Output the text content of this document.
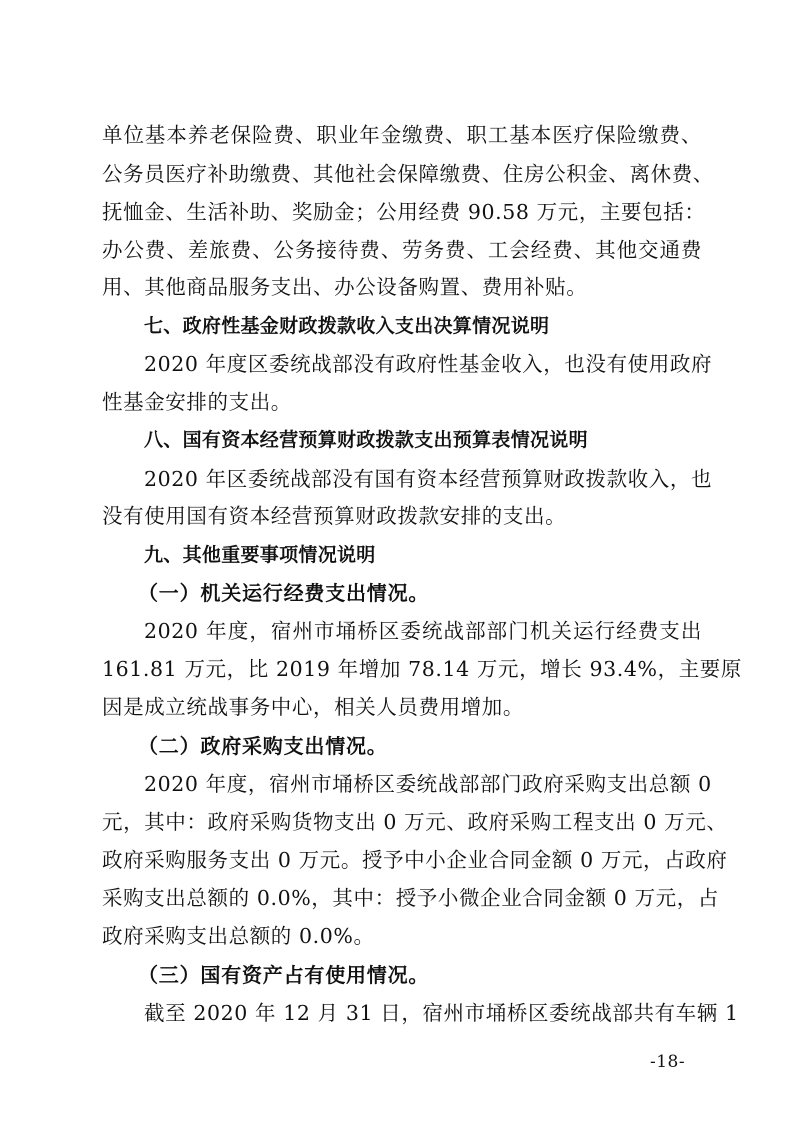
单位基本养老保险费、职业年金缴费、职工基本医疗保险缴费、
公务员医疗补助缴费、其他社会保障缴费、住房公积金、离休费、
抚恤金、生活补助、奖励金；公用经费 90.58 万元，主要包括：
办公费、差旅费、公务接待费、劳务费、工会经费、其他交通费
用、其他商品服务支出、办公设备购置、费用补贴。
七、政府性基金财政拨款收入支出决算情况说明
2020 年度区委统战部没有政府性基金收入，也没有使用政府
性基金安排的支出。
八、国有资本经营预算财政拨款支出预算表情况说明
2020 年区委统战部没有国有资本经营预算财政拨款收入，也
没有使用国有资本经营预算财政拨款安排的支出。
九、其他重要事项情况说明
（一）机关运行经费支出情况。
2020 年度，宿州市埇桥区委统战部部门机关运行经费支出
161.81 万元，比 2019 年增加 78.14 万元，增长 93.4%，主要原
因是成立统战事务中心，相关人员费用增加。
（二）政府采购支出情况。
2020 年度，宿州市埇桥区委统战部部门政府采购支出总额 0
元，其中：政府采购货物支出 0 万元、政府采购工程支出 0 万元、
政府采购服务支出 0 万元。授予中小企业合同金额 0 万元，占政府
采购支出总额的 0.0%，其中：授予小微企业合同金额 0 万元，占
政府采购支出总额的 0.0%。
（三）国有资产占有使用情况。
截至 2020 年 12 月 31 日，宿州市埇桥区委统战部共有车辆 1
-18-
